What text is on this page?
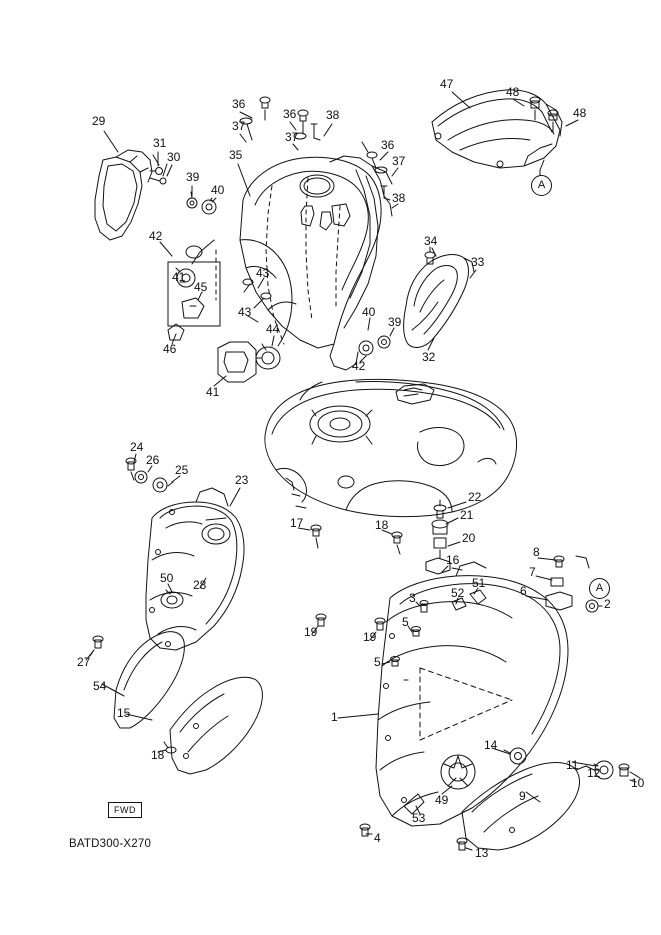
29
31
30
39
40
35
36
37
36
37
38
36
37
38
47
48
48
42
41
45
43
43
44
46
41
34
33
40
39
42
32
24
26
25
23
17	18
22
21
20
16
8
7
51
52	6
3	2
28
50
19	19
5
5
27
54
15
18
1
14
11
12
10
49
53
9
4
13
A
A
FWD
BATD300-X270
